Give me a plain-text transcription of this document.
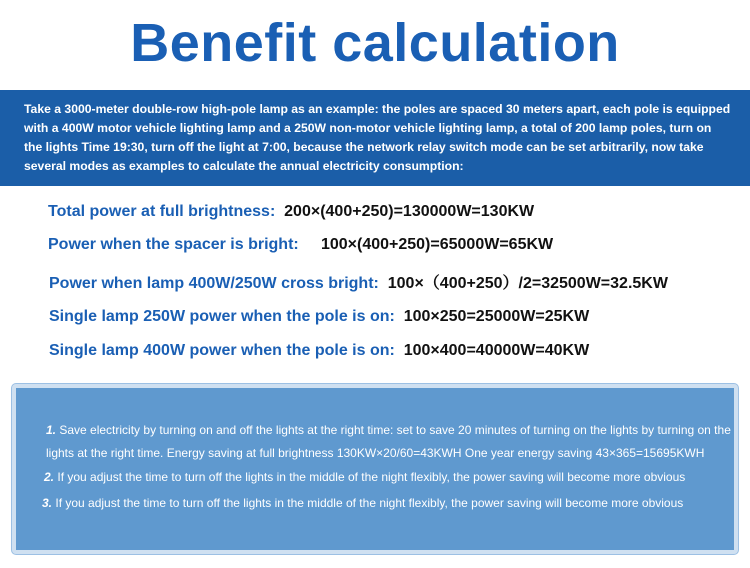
Benefit calculation
Take a 3000-meter double-row high-pole lamp as an example: the poles are spaced 30 meters apart, each pole is equipped with a 400W motor vehicle lighting lamp and a 250W non-motor vehicle lighting lamp, a total of 200 lamp poles, turn on the lights Time 19:30, turn off the light at 7:00, because the network relay switch mode can be set arbitrarily, now take several modes as examples to calculate the annual electricity consumption:
Total power at full brightness: 200×(400+250)=130000W=130KW
Power when the spacer is bright: 100×(400+250)=65000W=65KW
Power when lamp 400W/250W cross bright: 100×（400+250）/2=32500W=32.5KW
Single lamp 250W power when the pole is on: 100×250=25000W=25KW
Single lamp 400W power when the pole is on: 100×400=40000W=40KW
1. Save electricity by turning on and off the lights at the right time: set to save 20 minutes of turning on the lights by turning on the
lights at the right time. Energy saving at full brightness 130KW×20/60=43KWH One year energy saving 43×365=15695KWH
2. If you adjust the time to turn off the lights in the middle of the night flexibly, the power saving will become more obvious
3. If you adjust the time to turn off the lights in the middle of the night flexibly, the power saving will become more obvious
